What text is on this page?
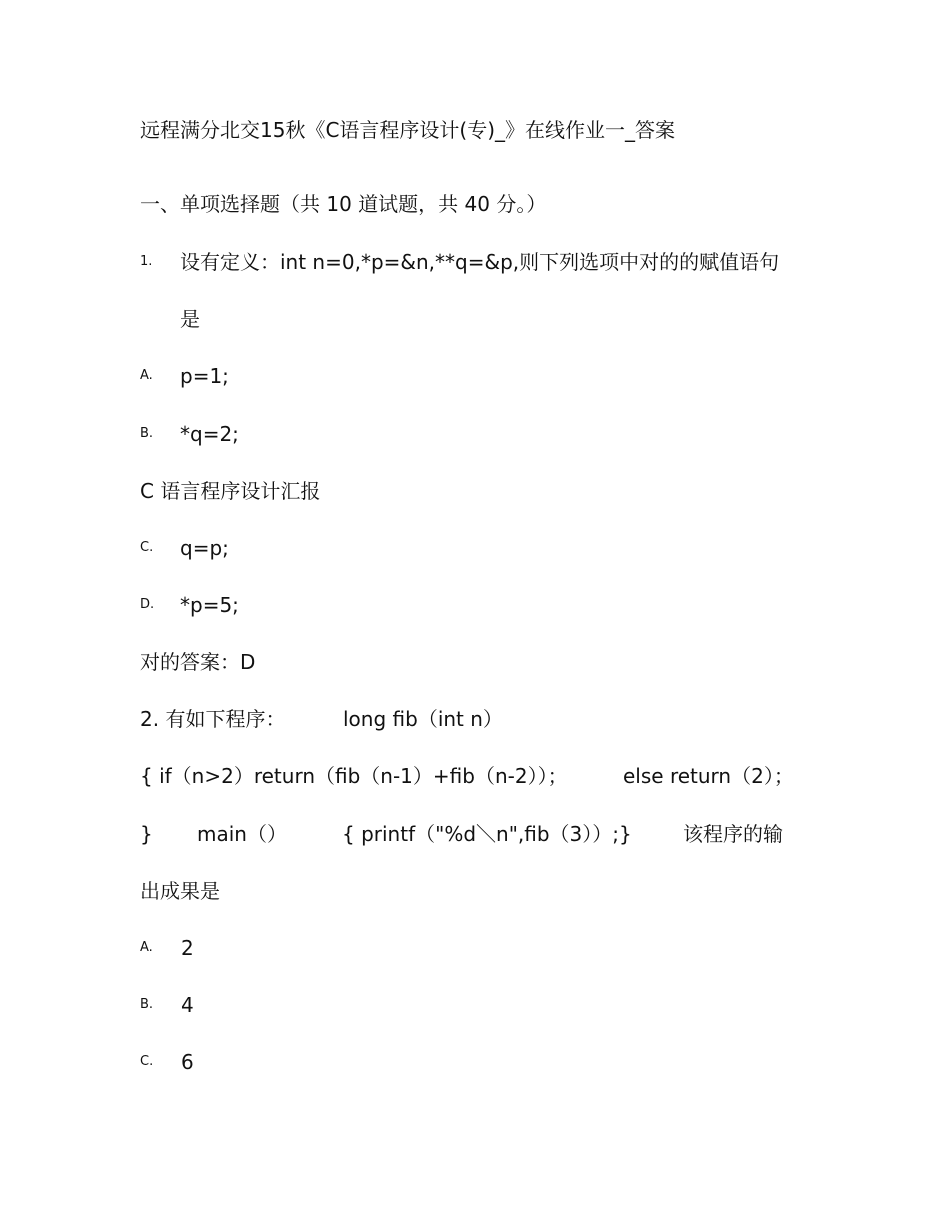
远程满分北交15秋《C语言程序设计(专)_》在线作业一_答案
一、单项选择题（共 10 道试题，共 40 分。）
1. 设有定义：int n=0,*p=&n,**q=&p,则下列选项中对的的赋值语句
是
A. p=1;
B. *q=2;
C 语言程序设计汇报
C. q=p;
D. *p=5;
对的答案：D
2. 有如下程序：	long fib（int n）
{ if（n>2）return（fib（n-1）+fib（n-2））；	else return（2）；
} main（）	{ printf（"%d＼n",fib（3））;}	该程序的输
出成果是
A. 2
B. 4
C. 6
